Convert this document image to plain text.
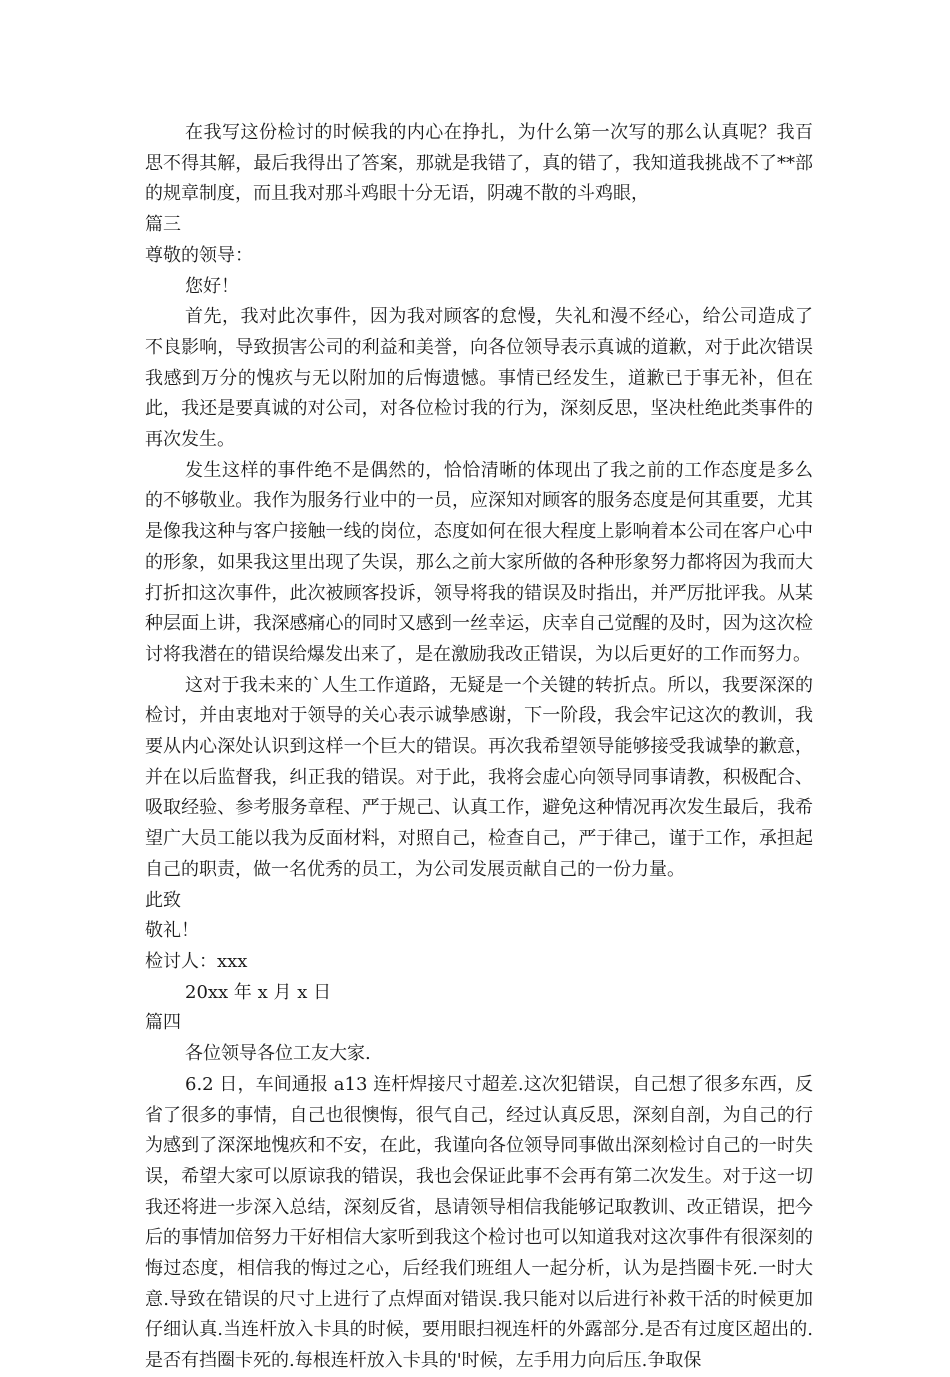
在我写这份检讨的时候我的内心在挣扎，为什么第一次写的那么认真呢？我百思不得其解，最后我得出了答案，那就是我错了，真的错了，我知道我挑战不了**部的规章制度，而且我对那斗鸡眼十分无语，阴魂不散的斗鸡眼，

篇三

尊敬的领导：

您好！

首先，我对此次事件，因为我对顾客的怠慢，失礼和漫不经心，给公司造成了不良影响，导致损害公司的利益和美誉，向各位领导表示真诚的道歉，对于此次错误我感到万分的愧疚与无以附加的后悔遗憾。事情已经发生，道歉已于事无补，但在此，我还是要真诚的对公司，对各位检讨我的行为，深刻反思，坚决杜绝此类事件的再次发生。

发生这样的事件绝不是偶然的，恰恰清晰的体现出了我之前的工作态度是多么的不够敬业。我作为服务行业中的一员，应深知对顾客的服务态度是何其重要，尤其是像我这种与客户接触一线的岗位，态度如何在很大程度上影响着本公司在客户心中的形象，如果我这里出现了失误，那么之前大家所做的各种形象努力都将因为我而大打折扣这次事件，此次被顾客投诉，领导将我的错误及时指出，并严厉批评我。从某种层面上讲，我深感痛心的同时又感到一丝幸运，庆幸自己觉醒的及时，因为这次检讨将我潜在的错误给爆发出来了，是在激励我改正错误，为以后更好的工作而努力。

这对于我未来的`人生工作道路，无疑是一个关键的转折点。所以，我要深深的检讨，并由衷地对于领导的关心表示诚挚感谢，下一阶段，我会牢记这次的教训，我要从内心深处认识到这样一个巨大的错误。再次我希望领导能够接受我诚挚的歉意，并在以后监督我，纠正我的错误。对于此，我将会虚心向领导同事请教，积极配合、吸取经验、参考服务章程、严于规己、认真工作，避免这种情况再次发生最后，我希望广大员工能以我为反面材料，对照自己，检查自己，严于律己，谨于工作，承担起自己的职责，做一名优秀的员工，为公司发展贡献自己的一份力量。

此致

敬礼！

检讨人：xxx

20xx 年 x 月 x 日

篇四

各位领导各位工友大家.

6.2 日，车间通报 a13 连杆焊接尺寸超差.这次犯错误，自己想了很多东西，反省了很多的事情，自己也很懊悔，很气自己，经过认真反思，深刻自剖，为自己的行为感到了深深地愧疚和不安，在此，我谨向各位领导同事做出深刻检讨自己的一时失误，希望大家可以原谅我的错误，我也会保证此事不会再有第二次发生。对于这一切我还将进一步深入总结，深刻反省，恳请领导相信我能够记取教训、改正错误，把今后的事情加倍努力干好相信大家听到我这个检讨也可以知道我对这次事件有很深刻的悔过态度，相信我的悔过之心，后经我们班组人一起分析，认为是挡圈卡死.一时大意.导致在错误的尺寸上进行了点焊面对错误.我只能对以后进行补救干活的时候更加仔细认真.当连杆放入卡具的时候，要用眼扫视连杆的外露部分.是否有过度区超出的.是否有挡圈卡死的.每根连杆放入卡具的'时候，左手用力向后压.争取保
